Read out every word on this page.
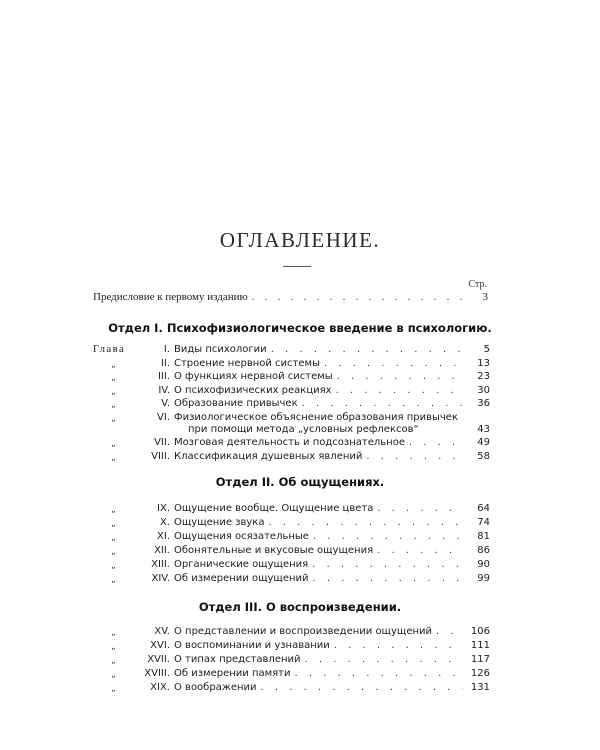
ОГЛАВЛЕНИЕ.
Стр.
Предисловие к первому изданию . . .	3
Отдел I. Психофизиологическое введение в психологию.
Отдел II. Об ощущениях.
Отдел III. О воспроизведении.
Глава	I. Виды психологии . . .	5
„	II. Строение нервной системы . . .	13
„	III. О функциях нервной системы . . .	23
„	IV. О психофизических реакциях . . .	30
„	V. Образование привычек . . .	36
„	VI. Физиологическое объяснение образования привычек
при помощи метода „условных рефлексов“	43
„	VII. Мозговая деятельность и подсознательное . . .	49
„	VIII. Классификация душевных явлений . . .	58
„	IX. Ощущение вообще. Ощущение цвета . . .	64
„	X. Ощущение звука . . .	74
„	XI. Ощущения осязательные . . .	81
„	XII. Обонятельные и вкусовые ощущения . . .	86
„	XIII. Органические ощущения . . .	90
„	XIV. Об измерении ощущений . . .	99
„	XV. О представлении и воспроизведении ощущений . . .	106
„	XVI. О воспоминании и узнавании . . .	111
„	XVII. О типах представлений . . .	117
„	XVIII. Об измерении памяти . . .	126
„	XIX. О воображении . . .	131
